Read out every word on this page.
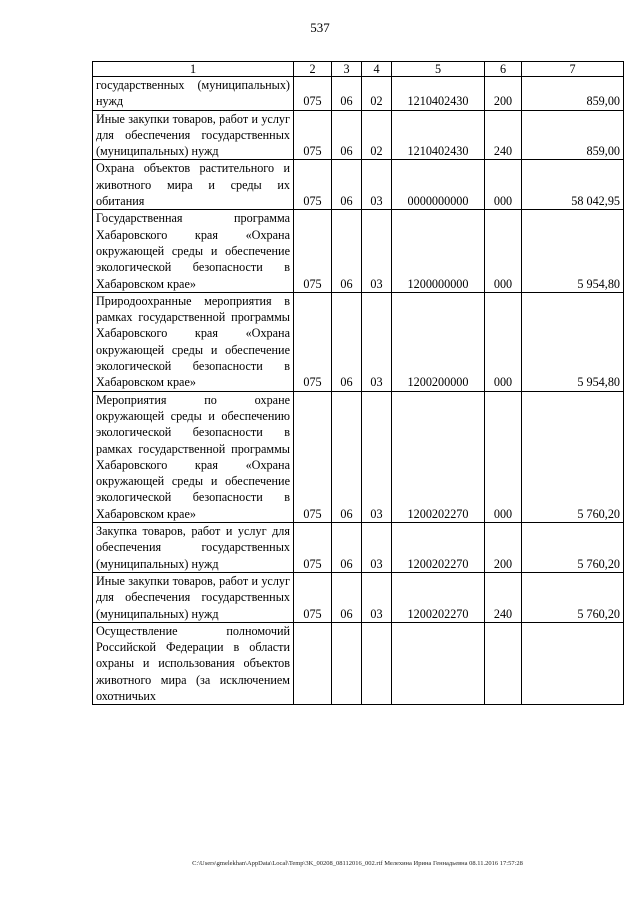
537
1	2	3	4	5	6	7
государственных (муниципальных) нужд	075	06	02	1210402430	200	859,00
Иные закупки товаров, работ и услуг для обеспечения государственных (муниципальных) нужд	075	06	02	1210402430	240	859,00
Охрана объектов растительного и животного мира и среды их обитания	075	06	03	0000000000	000	58 042,95
Государственная программа Хабаровского края «Охрана окружающей среды и обеспечение экологической безопасности в Хабаровском крае»	075	06	03	1200000000	000	5 954,80
Природоохранные мероприятия в рамках государственной программы Хабаровского края «Охрана окружающей среды и обеспечение экологической безопасности в Хабаровском крае»	075	06	03	1200200000	000	5 954,80
Мероприятия по охране окружающей среды и обеспечению экологической безопасности в рамках государственной программы Хабаровского края «Охрана окружающей среды и обеспечение экологической безопасности в Хабаровском крае»	075	06	03	1200202270	000	5 760,20
Закупка товаров, работ и услуг для обеспечения государственных (муниципальных) нужд	075	06	03	1200202270	200	5 760,20
Иные закупки товаров, работ и услуг для обеспечения государственных (муниципальных) нужд	075	06	03	1200202270	240	5 760,20
Осуществление полномочий Российской Федерации в области охраны и использования объектов животного мира (за исключением охотничьих						
C:\Users\gmelekhan\AppData\Local\Temp\3K_00208_08112016_002.rtf Мелехина Ирина Геннадьевна 08.11.2016 17:57:28
